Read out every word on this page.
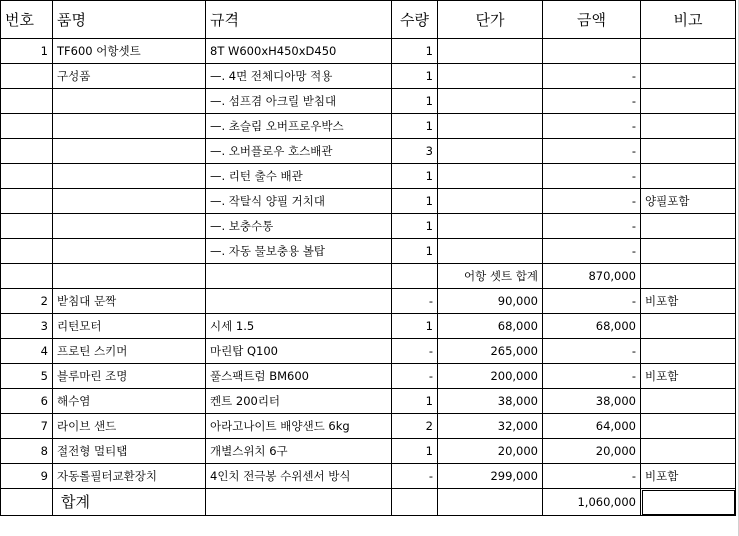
번호	품명	규격	수량	단가	금액	비고
1	TF600 어항셋트	8T W600xH450xD450	1			
	구성품	—. 4면 전체디아망 적용	1		-	
		—. 섬프겸 아크릴 받침대	1		-	
		—. 초슬림 오버프로우박스	1		-	
		—. 오버플로우 호스배관	3		-	
		—. 리턴 출수 배관	1		-	
		—. 작탈식 양필 거치대	1		-	양필포함
		—. 보충수통	1		-	
		—. 자동 물보충용 볼탑	1		-	
				어항 셋트 합계	870,000	
2	받침대 문짝		-	90,000	-	비포함
3	리턴모터	시세 1.5	1	68,000	68,000	
4	프로틴 스키머	마린탑 Q100	-	265,000	-	
5	블루마린 조명	풀스팩트럼 BM600	-	200,000	-	비포함
6	해수염	켄트 200리터	1	38,000	38,000	
7	라이브 샌드	아라고나이트 배양샌드 6kg	2	32,000	64,000	
8	절전형 멀티탭	개별스위치 6구	1	20,000	20,000	
9	자동롤필터교환장치	4인치 전극봉 수위센서 방식	-	299,000	-	비포함
	합계				1,060,000	
